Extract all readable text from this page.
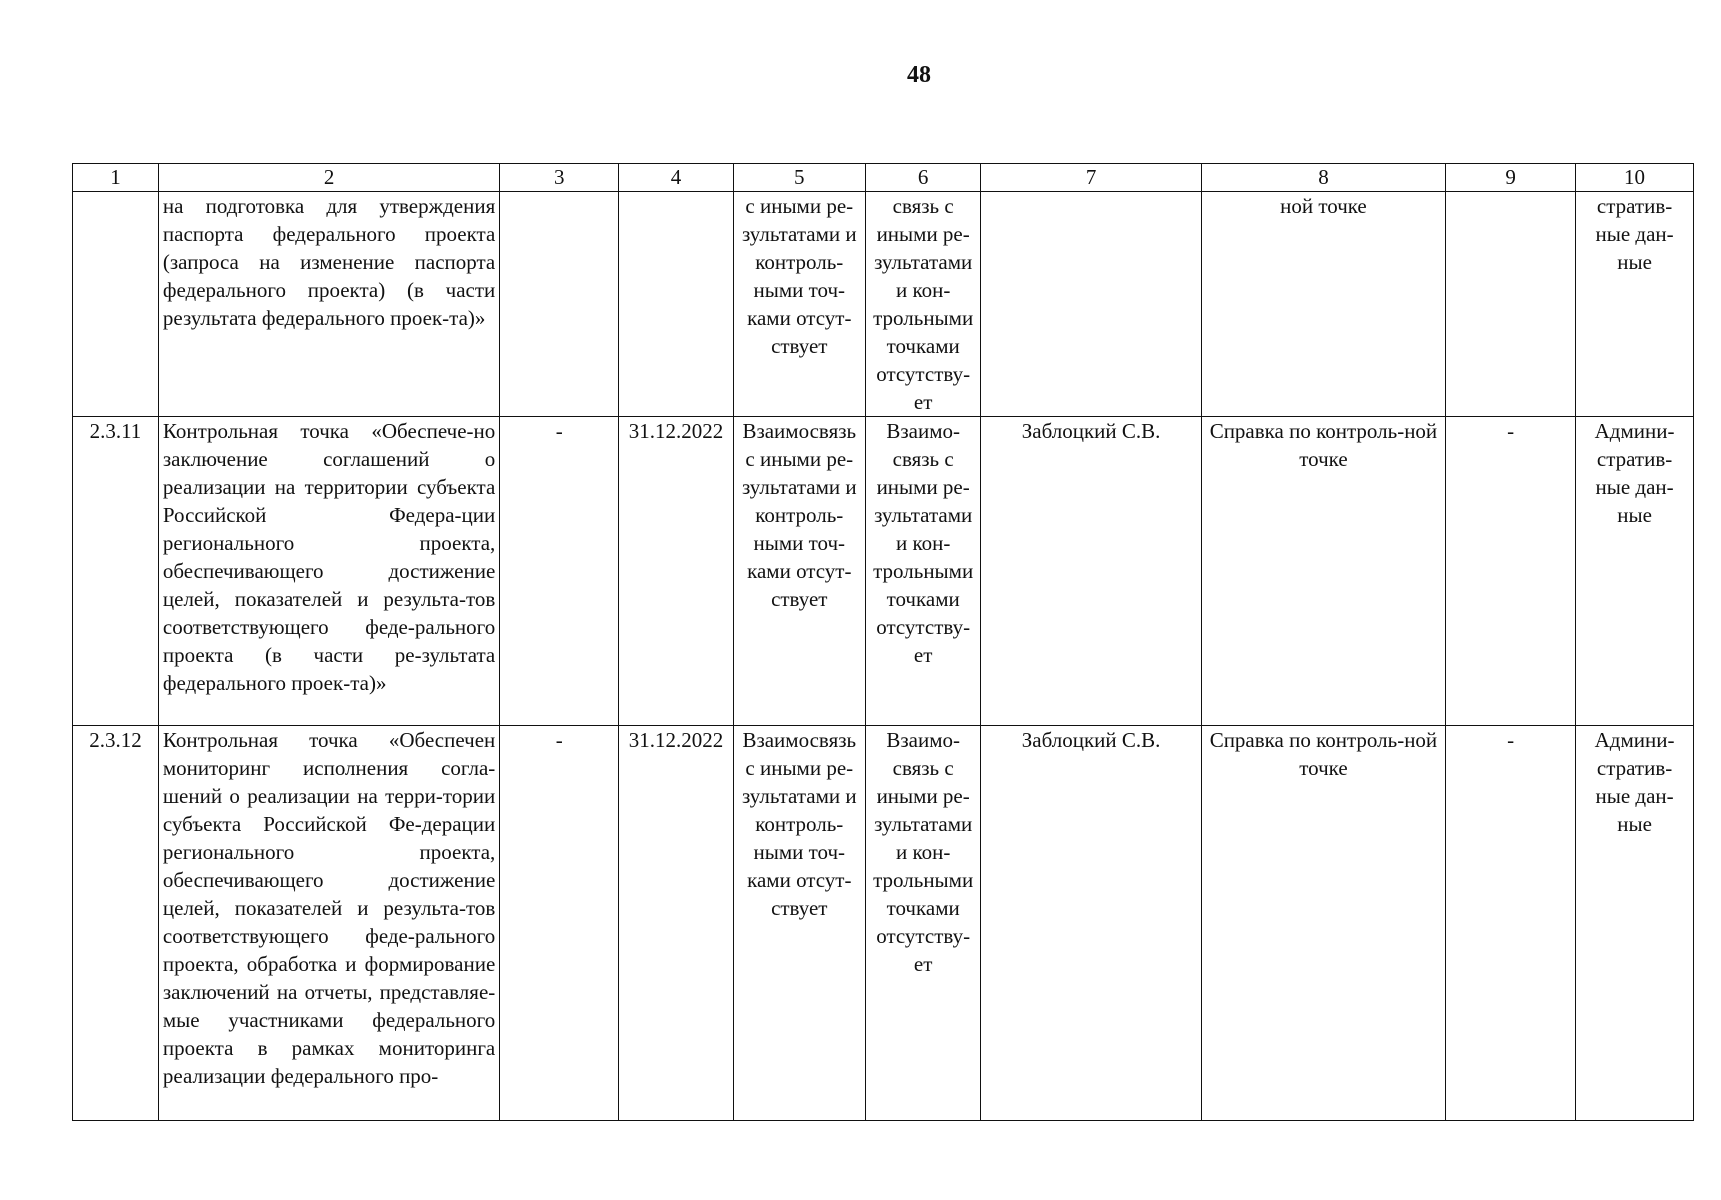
48
1	2	3	4	5	6	7	8	9	10
	на подготовка для утверждения паспорта федерального проекта (запроса на изменение паспорта федерального проекта) (в части результата федерального проек-та)»			с иными ре-зультатами и контроль-ными точ-ками отсут-ствует	связь с иными ре-зультатами и кон-трольными точками отсутству-ет		ной точке		стратив-ные дан-ные
2.3.11	Контрольная точка «Обеспече-но заключение соглашений о реализации на территории субъекта Российской Федера-ции регионального проекта, обеспечивающего достижение целей, показателей и результа-тов соответствующего феде-рального проекта (в части ре-зультата федерального проек-та)»	-	31.12.2022	Взаимосвязь с иными ре-зультатами и контроль-ными точ-ками отсут-ствует	Взаимо-связь с иными ре-зультатами и кон-трольными точками отсутству-ет	Заблоцкий С.В.	Справка по контроль-ной точке	-	Админи-стратив-ные дан-ные
2.3.12	Контрольная точка «Обеспечен мониторинг исполнения согла-шений о реализации на терри-тории субъекта Российской Фе-дерации регионального проекта, обеспечивающего достижение целей, показателей и результа-тов соответствующего феде-рального проекта, обработка и формирование заключений на отчеты, представляе-мые участниками федерального проекта в рамках мониторинга реализации федерального про-	-	31.12.2022	Взаимосвязь с иными ре-зультатами и контроль-ными точ-ками отсут-ствует	Взаимо-связь с иными ре-зультатами и кон-трольными точками отсутству-ет	Заблоцкий С.В.	Справка по контроль-ной точке	-	Админи-стратив-ные дан-ные
